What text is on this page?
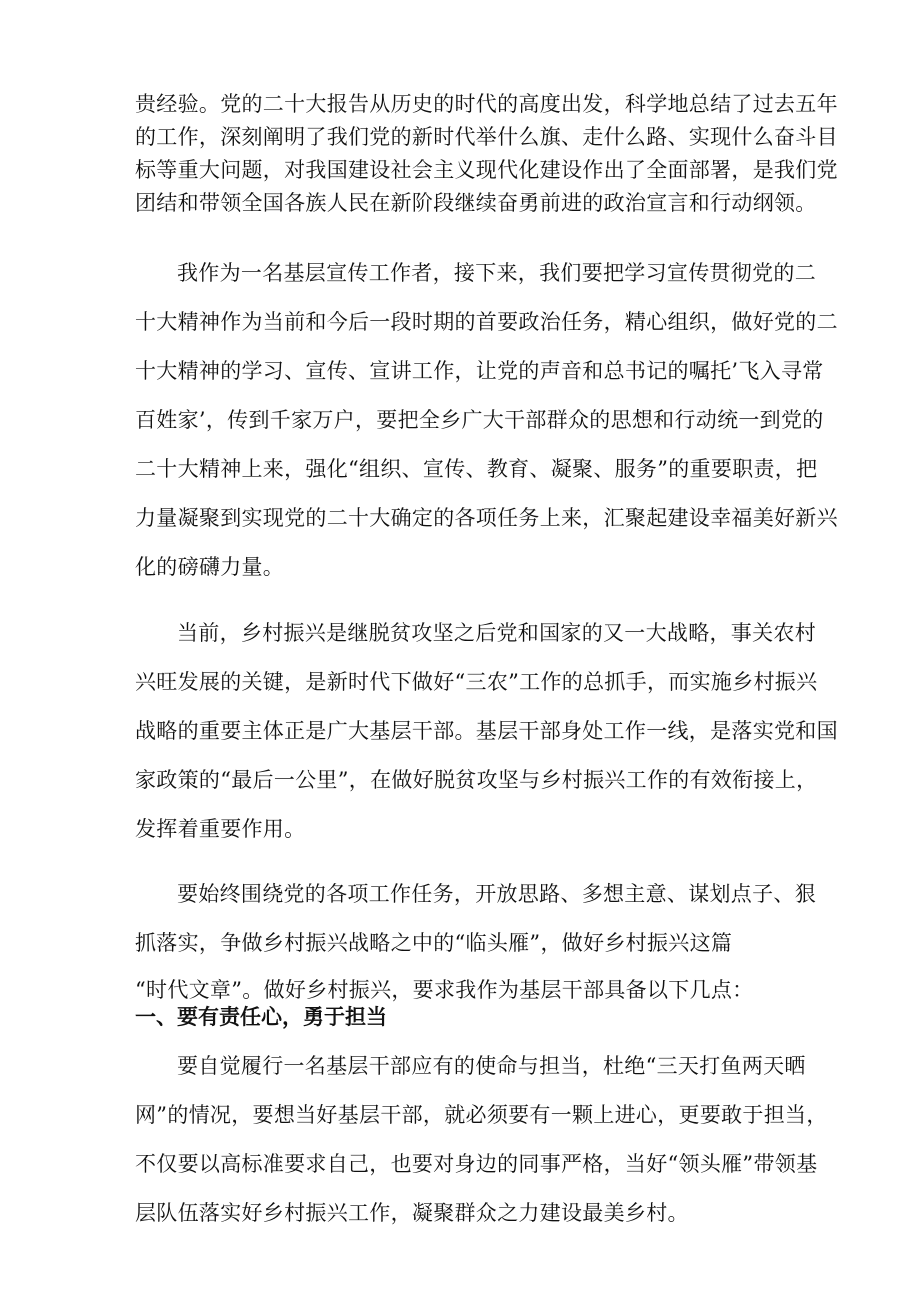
贵经验。党的二十大报告从历史的时代的高度出发，科学地总结了过去五年
的工作，深刻阐明了我们党的新时代举什么旗、走什么路、实现什么奋斗目
标等重大问题，对我国建设社会主义现代化建设作出了全面部署，是我们党
团结和带领全国各族人民在新阶段继续奋勇前进的政治宣言和行动纲领。
我作为一名基层宣传工作者，接下来，我们要把学习宣传贯彻党的二
十大精神作为当前和今后一段时期的首要政治任务，精心组织，做好党的二
十大精神的学习、宣传、宣讲工作，让党的声音和总书记的嘱托’飞入寻常
百姓家’，传到千家万户，要把全乡广大干部群众的思想和行动统一到党的
二十大精神上来，强化“组织、宣传、教育、凝聚、服务”的重要职责，把
力量凝聚到实现党的二十大确定的各项任务上来，汇聚起建设幸福美好新兴
化的磅礴力量。
当前，乡村振兴是继脱贫攻坚之后党和国家的又一大战略，事关农村
兴旺发展的关键，是新时代下做好“三农”工作的总抓手，而实施乡村振兴
战略的重要主体正是广大基层干部。基层干部身处工作一线，是落实党和国
家政策的“最后一公里”，在做好脱贫攻坚与乡村振兴工作的有效衔接上，
发挥着重要作用。
要始终围绕党的各项工作任务，开放思路、多想主意、谋划点子、狠
抓落实，争做乡村振兴战略之中的“临头雁”，做好乡村振兴这篇
“时代文章”。做好乡村振兴，要求我作为基层干部具备以下几点：
一、要有责任心，勇于担当
要自觉履行一名基层干部应有的使命与担当，杜绝“三天打鱼两天晒
网”的情况，要想当好基层干部，就必须要有一颗上进心，更要敢于担当，
不仅要以高标准要求自己，也要对身边的同事严格，当好“领头雁”带领基
层队伍落实好乡村振兴工作，凝聚群众之力建设最美乡村。
